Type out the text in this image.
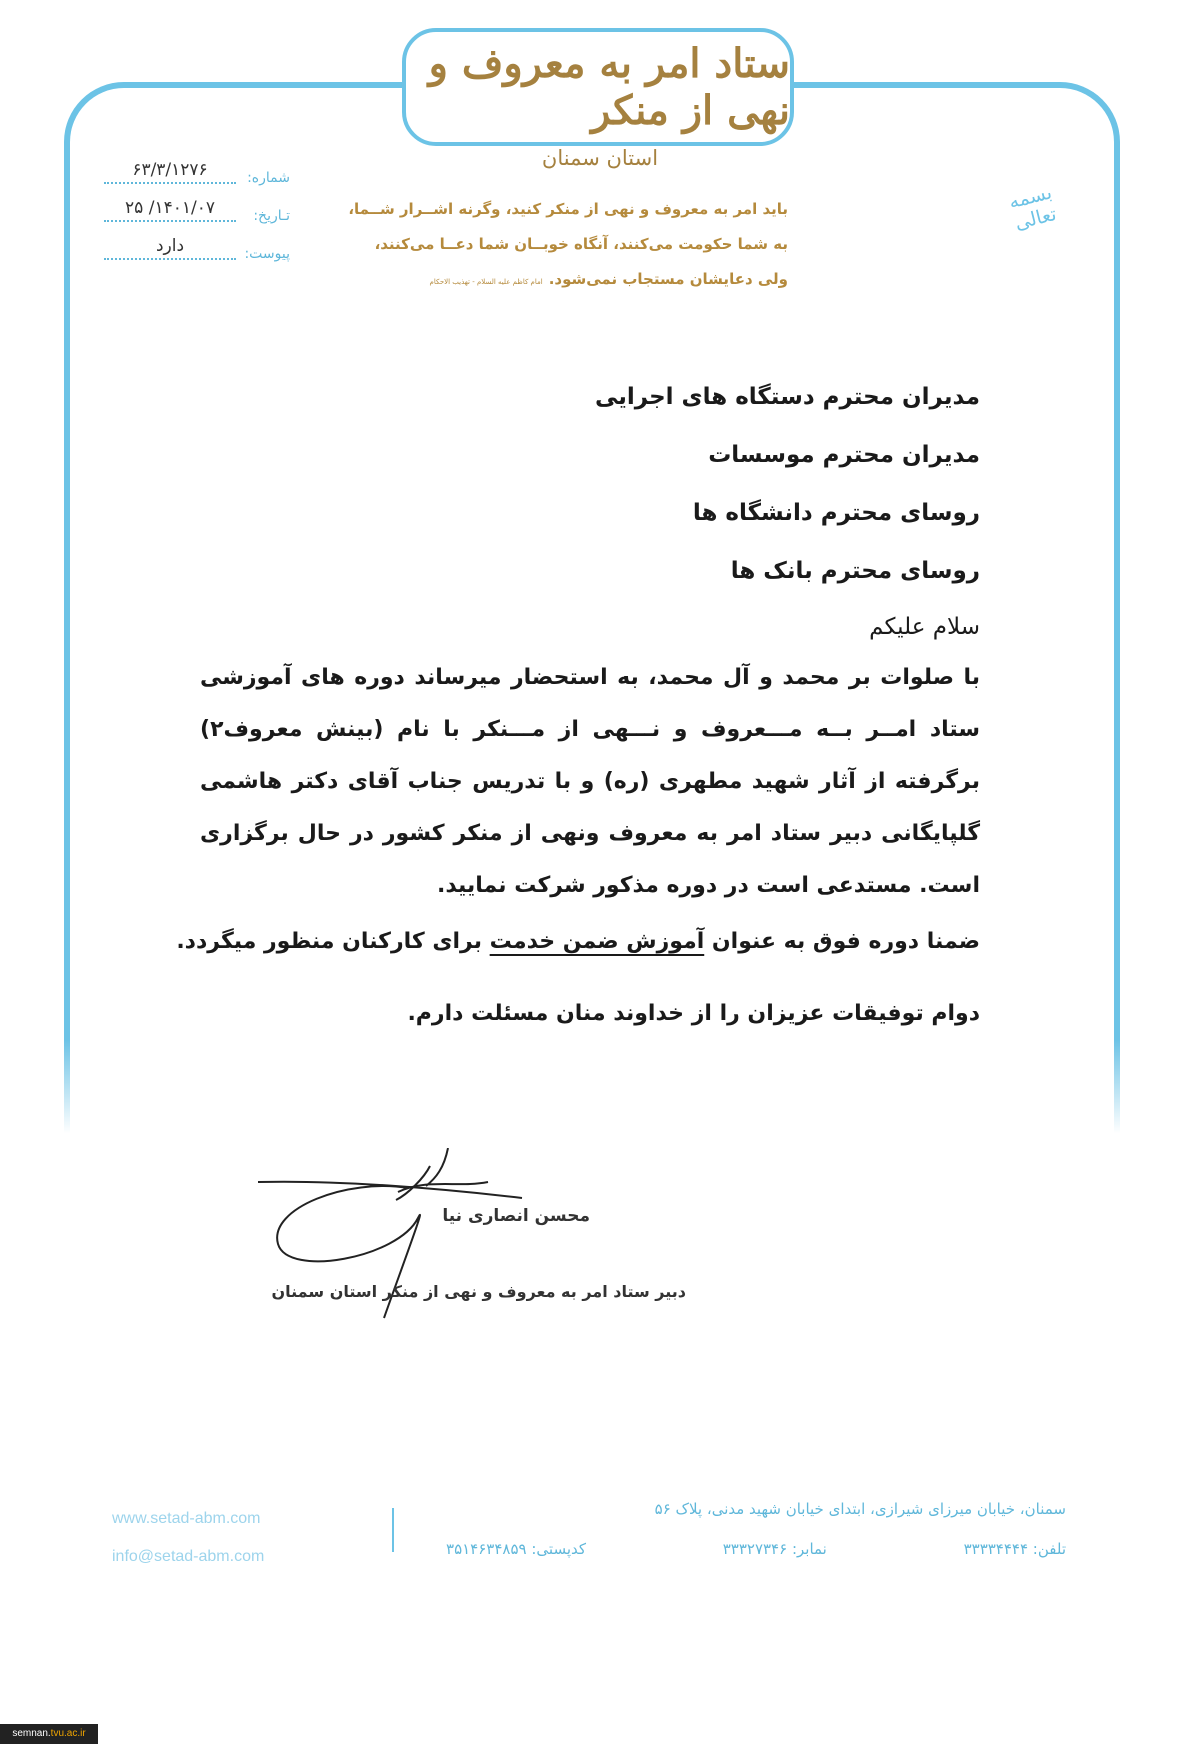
ستاد امر به معروف و نهی از منکر
استان سمنان
باید امر به معروف و نهی از منکر کنید، وگرنه اشــرار شــما،
به شما حکومت می‌کنند، آنگاه خوبــان شما دعــا می‌کنند،
ولی دعایشان مستجاب نمی‌شود.امام کاظم علیه السلام - تهذیب الاحکام
بسمه تعالی
شماره:
۶۳/۳/۱۲۷۶
تـاریخ:
۱۴۰۱/۰۷/ ۲۵
پیوست:
دارد
مدیران محترم دستگاه های اجرایی
مدیران محترم موسسات
روسای محترم دانشگاه ها
روسای محترم بانک ها
سلام علیکم
با صلوات بر محمد و آل محمد، به استحضار میرساند دوره های آموزشی ستاد امــر بــه مـــعروف و نـــهی از مـــنکر با نام (بینش معروف۲) برگرفته از آثار شهید مطهری (ره) و با تدریس جناب آقای دکتر هاشمی گلپایگانی دبیر ستاد امر به معروف ونهی از منکر کشور در حال برگزاری است. مستدعی است در دوره مذکور شرکت نمایید.
ضمنا دوره فوق به عنوان آموزش ضمن خدمت برای کارکنان منظور میگردد.
دوام توفیقات عزیزان را از خداوند منان مسئلت دارم.
محسن انصاری نیا
دبیر ستاد امر به معروف و نهی از منکر استان سمنان
سمنان، خیابان میرزای شیرازی، ابتدای خیابان شهید مدنی، پلاک ۵۶
تلفن: ۳۳۳۳۴۴۴۴
نمابر: ۳۳۳۲۷۳۴۶
کدپستی: ۳۵۱۴۶۳۴۸۵۹
www.setad-abm.com
info@setad-abm.com
semnan.tvu.ac.ir
